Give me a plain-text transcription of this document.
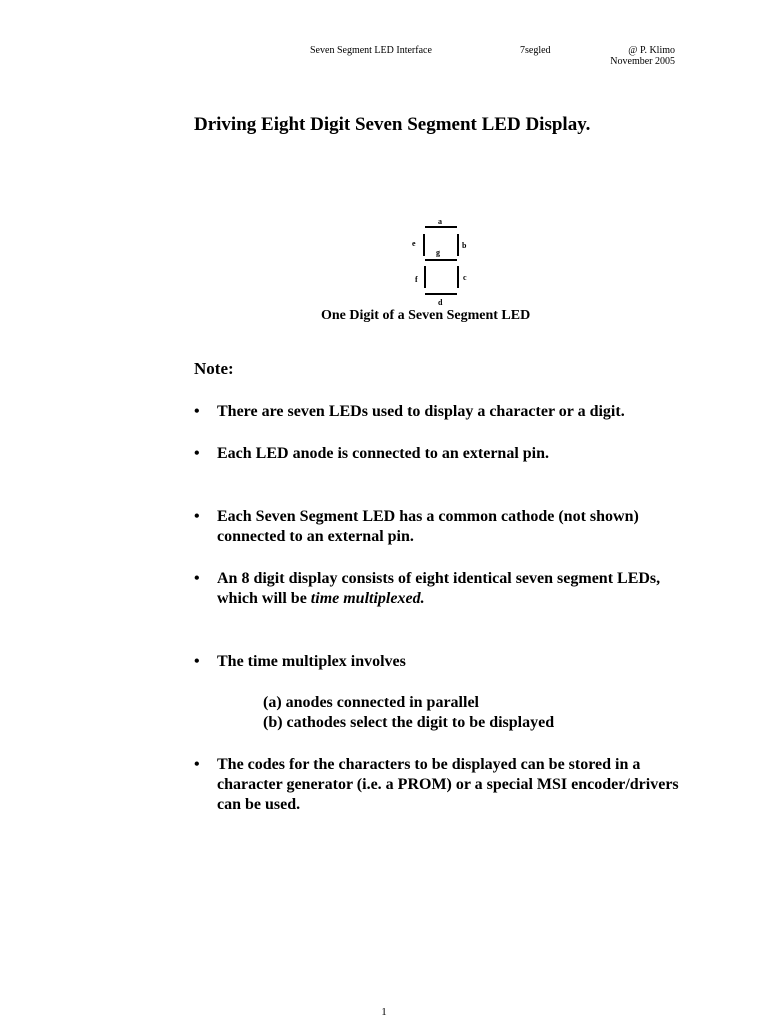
Seven Segment LED Interface	7segled	@ P. Klimo
November 2005
Driving Eight Digit Seven Segment LED Display.
a
e
g
b
f	c
d
One Digit of a Seven Segment LED
Note:
• There are seven LEDs used to display a character or a digit.
• Each LED anode is connected to an external pin.
• Each Seven Segment LED has a common cathode (not shown) connected to an external pin.
• An 8 digit display consists of eight identical seven segment LEDs, which will be time multiplexed.
• The time multiplex involves
(a) anodes connected in parallel
(b) cathodes select the digit to be displayed
• The codes for the characters to be displayed can be stored in a character generator (i.e. a PROM) or a special MSI encoder/drivers can be used.
1
